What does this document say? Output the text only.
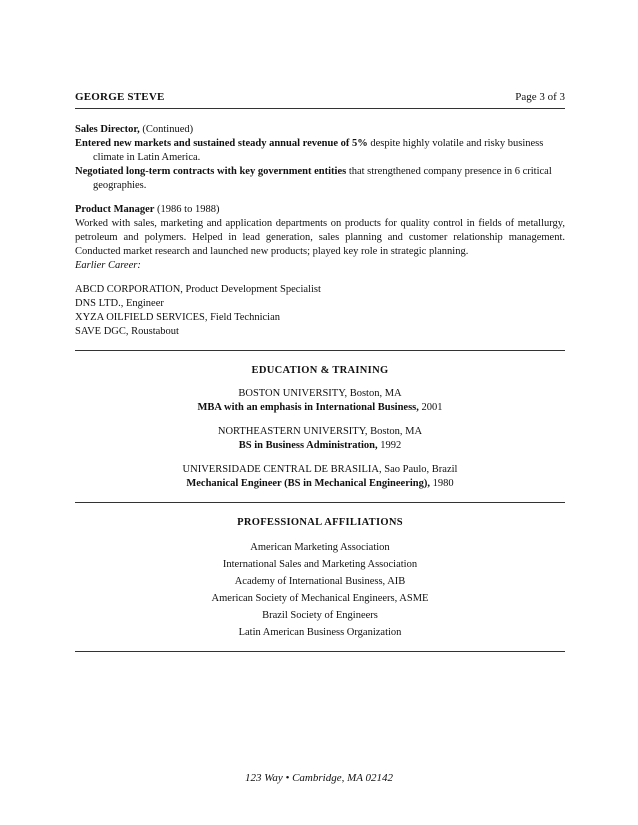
GEORGE STEVE	Page 3 of 3
Sales Director, (Continued)

Entered new markets and sustained steady annual revenue of 5% despite highly volatile and risky business climate in Latin America.

Negotiated long-term contracts with key government entities that strengthened company presence in 6 critical geographies.

Product Manager (1986 to 1988)
Worked with sales, marketing and application departments on products for quality control in fields of metallurgy, petroleum and polymers. Helped in lead generation, sales planning and customer relationship management. Conducted market research and launched new products; played key role in strategic planning.
Earlier Career:
ABCD CORPORATION, Product Development Specialist
DNS LTD., Engineer
XYZA OILFIELD SERVICES, Field Technician
SAVE DGC, Roustabout
EDUCATION & TRAINING
BOSTON UNIVERSITY, Boston, MA
MBA with an emphasis in International Business, 2001
NORTHEASTERN UNIVERSITY, Boston, MA
BS in Business Administration, 1992
UNIVERSIDADE CENTRAL DE BRASILIA, Sao Paulo, Brazil
Mechanical Engineer (BS in Mechanical Engineering), 1980
PROFESSIONAL AFFILIATIONS
American Marketing Association
International Sales and Marketing Association
Academy of International Business, AIB
American Society of Mechanical Engineers, ASME
Brazil Society of Engineers
Latin American Business Organization
123 Way • Cambridge, MA 02142
